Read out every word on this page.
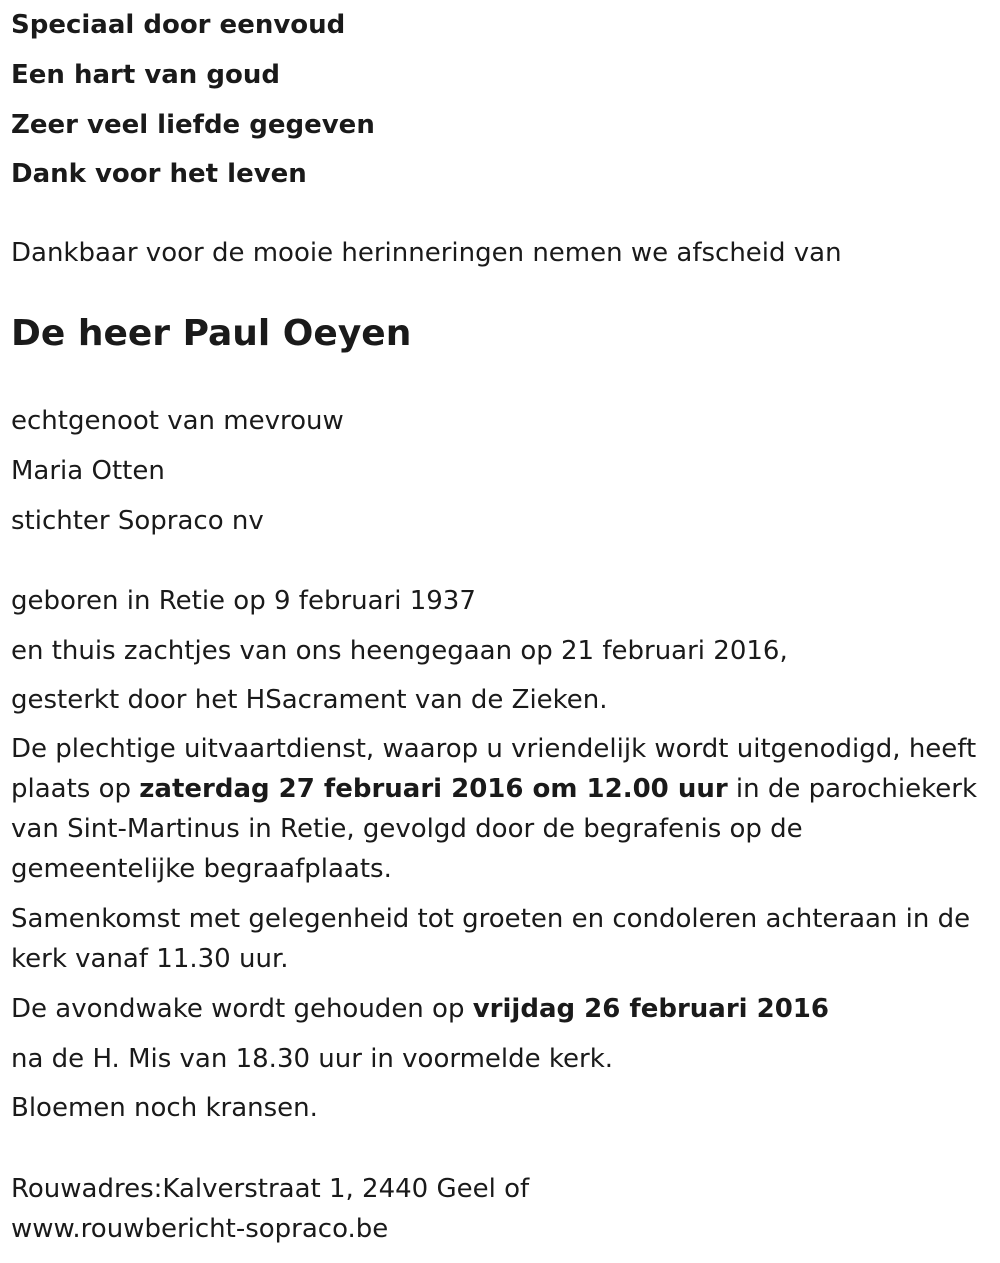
Speciaal door eenvoud
Een hart van goud
Zeer veel liefde gegeven
Dank voor het leven
Dankbaar voor de mooie herinneringen nemen we afscheid van
De heer Paul Oeyen
echtgenoot van mevrouw
Maria Otten
stichter Sopraco nv
geboren in Retie op 9 februari 1937
en thuis zachtjes van ons heengegaan op 21 februari 2016,
gesterkt door het HSacrament van de Zieken.
De plechtige uitvaartdienst, waarop u vriendelijk wordt uitgenodigd, heeft plaats op zaterdag 27 februari 2016 om 12.00 uur in de parochiekerk van Sint-Martinus in Retie, gevolgd door de begrafenis op de gemeentelijke begraafplaats.
Samenkomst met gelegenheid tot groeten en condoleren achteraan in de kerk vanaf 11.30 uur.
De avondwake wordt gehouden op vrijdag 26 februari 2016
na de H. Mis van 18.30 uur in voormelde kerk.
Bloemen noch kransen.
Rouwadres:Kalverstraat 1, 2440 Geel of
www.rouwbericht-sopraco.be
